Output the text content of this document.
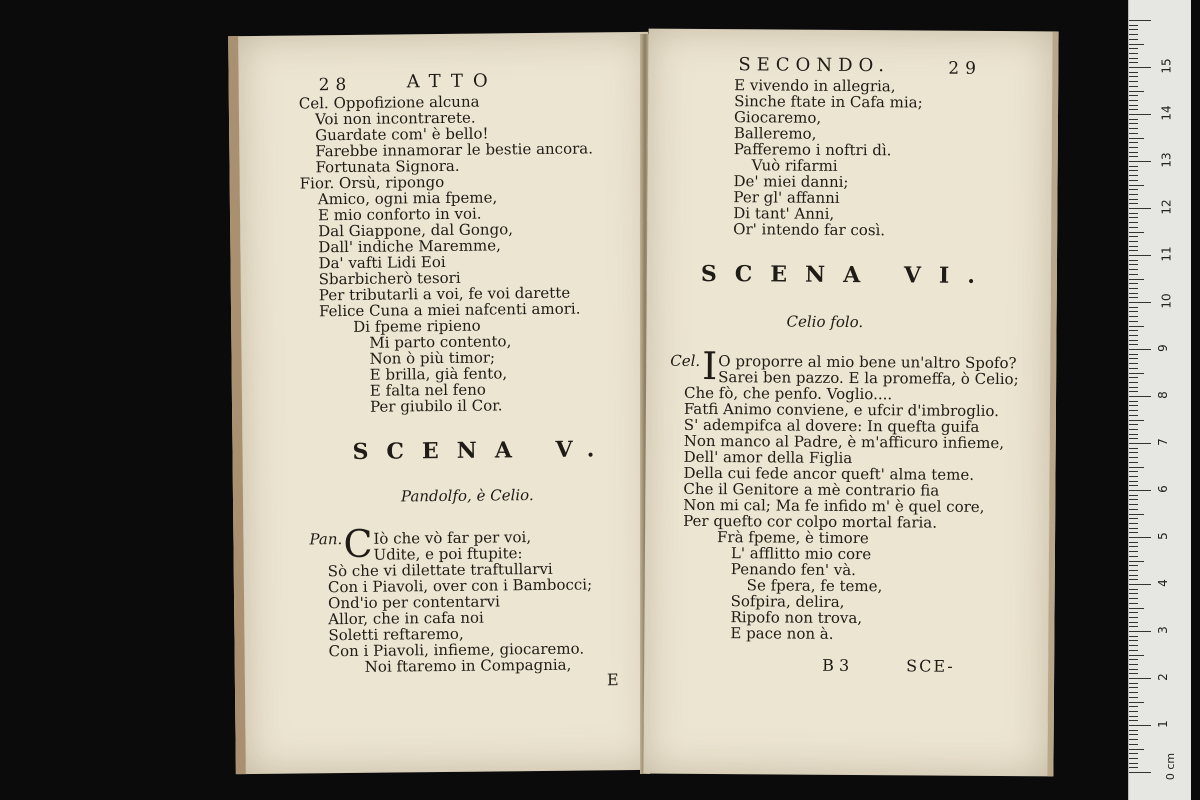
28	ATTO
Cel. Oppofizione alcuna
Voi non incontrarete.
Guardate com' è bello!
Farebbe innamorar le bestie ancora.
Fortunata Signora.
Fior. Orsù, ripongo
Amico, ogni mia fpeme,
E mio conforto in voi.
Dal Giappone, dal Gongo,
Dall' indiche Maremme,
Da' vafti Lidi Eoi
Sbarbicherò tesori
Per tributarli a voi, fe voi darette
Felice Cuna a miei nafcenti amori.
Di fpeme ripieno
Mi parto contento,
Non ò più timor;
E brilla, già fento,
E falta nel feno
Per giubilo il Cor.
SCENA V.
Pandolfo, è Celio.
Pan. C Iò che vò far per voi,
Udite, e poi ftupite:
Sò che vi dilettate traftullarvi
Con i Piavoli, over con i Bambocci;
Ond'io per contentarvi
Allor, che in cafa noi
Soletti reftaremo,
Con i Piavoli, infieme, giocaremo.
Noi ftaremo in Compagnia,
E
SECONDO.	29
E vivendo in allegria,
Sinche ftate in Cafa mia;
Giocaremo,
Balleremo,
Pafferemo i noftri dì.
Vuò rifarmi
De' miei danni;
Per gl' affanni
Di tant' Anni,
Or' intendo far così.
SCENA VI.
Celio folo.
Cel. I O proporre al mio bene un'altro Spofo?
Sarei ben pazzo. E la promeffa, ò Celio;
Che fò, che penfo. Voglio....
Fatfi Animo conviene, e ufcir d'imbroglio.
S' adempifca al dovere: In quefta guifa
Non manco al Padre, è m'afficuro infieme,
Dell' amor della Figlia
Della cui fede ancor queft' alma teme.
Che il Genitore a mè contrario fia
Non mi cal; Ma fe infido m' è quel core,
Per quefto cor colpo mortal faria.
Frà fpeme, è timore
L' afflitto mio core
Penando fen' và.
Se fpera, fe teme,
Sofpira, delira,
Ripofo non trova,
E pace non à.
B 3	SCE-
0 cm
1
2
3
4
5
6
7
8
9
10
11
12
13
14
15
